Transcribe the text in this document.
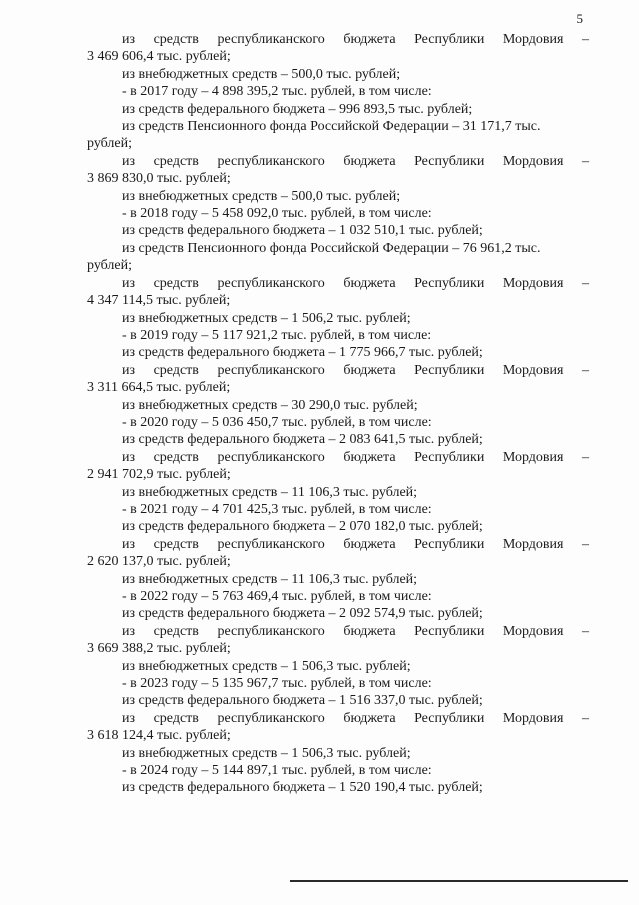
5
из средств республиканского бюджета Республики Мордовия –
3 469 606,4 тыс. рублей;
из внебюджетных средств – 500,0 тыс. рублей;
- в 2017 году – 4 898 395,2 тыс. рублей, в том числе:
из средств федерального бюджета – 996 893,5 тыс. рублей;
из средств Пенсионного фонда Российской Федерации – 31 171,7 тыс.
рублей;
из средств республиканского бюджета Республики Мордовия –
3 869 830,0 тыс. рублей;
из внебюджетных средств – 500,0 тыс. рублей;
- в 2018 году – 5 458 092,0 тыс. рублей, в том числе:
из средств федерального бюджета – 1 032 510,1 тыс. рублей;
из средств Пенсионного фонда Российской Федерации – 76 961,2 тыс.
рублей;
из средств республиканского бюджета Республики Мордовия –
4 347 114,5 тыс. рублей;
из внебюджетных средств – 1 506,2 тыс. рублей;
- в 2019 году – 5 117 921,2 тыс. рублей, в том числе:
из средств федерального бюджета – 1 775 966,7 тыс. рублей;
из средств республиканского бюджета Республики Мордовия –
3 311 664,5 тыс. рублей;
из внебюджетных средств – 30 290,0 тыс. рублей;
- в 2020 году – 5 036 450,7 тыс. рублей, в том числе:
из средств федерального бюджета – 2 083 641,5 тыс. рублей;
из средств республиканского бюджета Республики Мордовия –
2 941 702,9 тыс. рублей;
из внебюджетных средств – 11 106,3 тыс. рублей;
- в 2021 году – 4 701 425,3 тыс. рублей, в том числе:
из средств федерального бюджета – 2 070 182,0 тыс. рублей;
из средств республиканского бюджета Республики Мордовия –
2 620 137,0 тыс. рублей;
из внебюджетных средств – 11 106,3 тыс. рублей;
- в 2022 году – 5 763 469,4 тыс. рублей, в том числе:
из средств федерального бюджета – 2 092 574,9 тыс. рублей;
из средств республиканского бюджета Республики Мордовия –
3 669 388,2 тыс. рублей;
из внебюджетных средств – 1 506,3 тыс. рублей;
- в 2023 году – 5 135 967,7 тыс. рублей, в том числе:
из средств федерального бюджета – 1 516 337,0 тыс. рублей;
из средств республиканского бюджета Республики Мордовия –
3 618 124,4 тыс. рублей;
из внебюджетных средств – 1 506,3 тыс. рублей;
- в 2024 году – 5 144 897,1 тыс. рублей, в том числе:
из средств федерального бюджета – 1 520 190,4 тыс. рублей;
